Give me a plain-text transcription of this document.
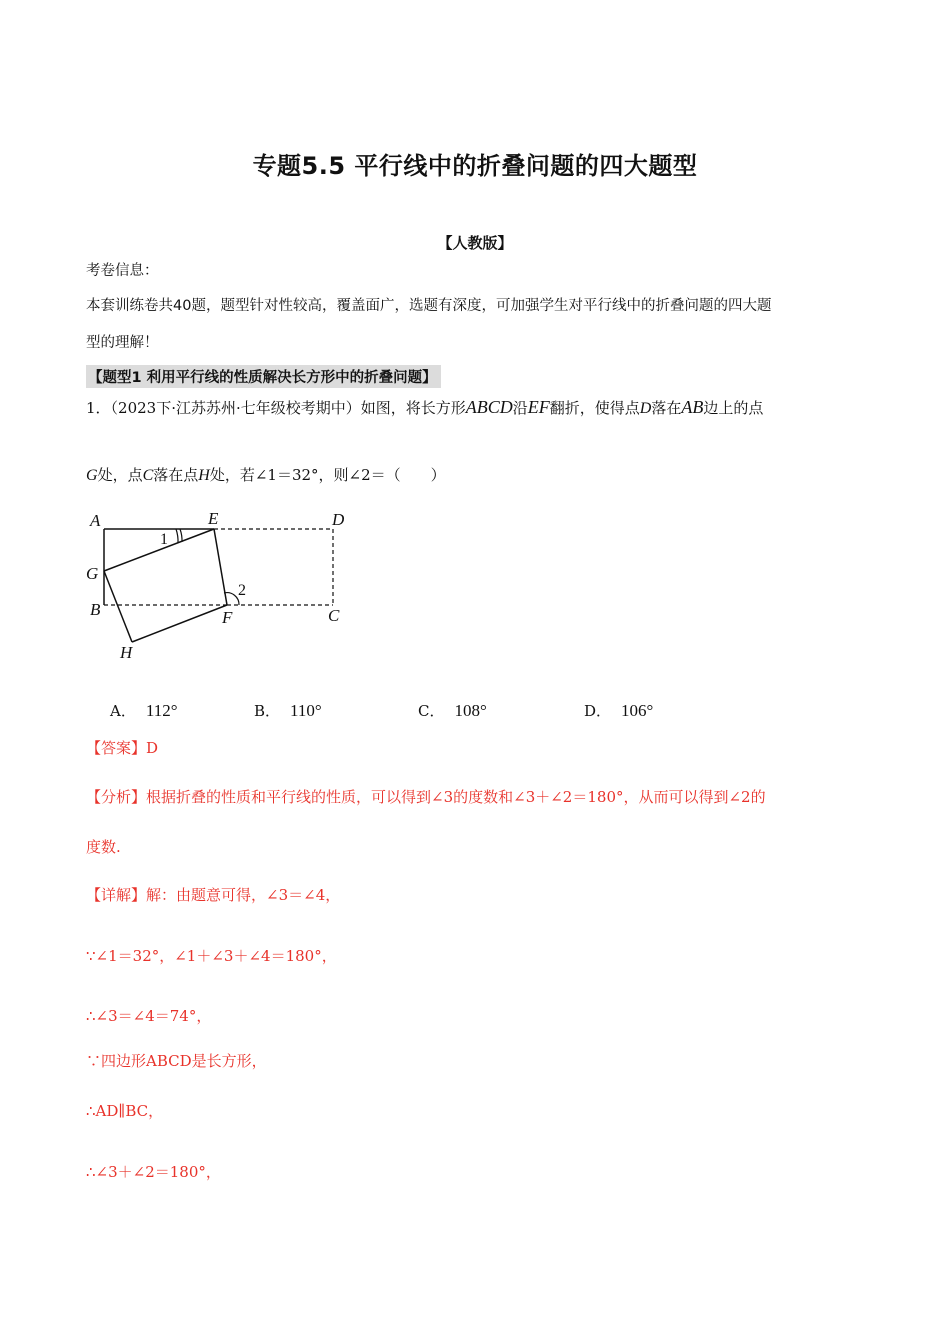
专题5.5 平行线中的折叠问题的四大题型
【人教版】
考卷信息：
本套训练卷共40题，题型针对性较高，覆盖面广，选题有深度，可加强学生对平行线中的折叠问题的四大题
型的理解！
【题型1 利用平行线的性质解决长方形中的折叠问题】
1．（2023下·江苏苏州·七年级校考期中）如图，将长方形ABCD沿EF翻折，使得点D落在AB边上的点
G处，点C落在点H处，若∠1＝32°，则∠2＝（　　）
A	E	D
G
B	F	C
H
1
2
A． 112°	B． 110°	C． 108°	D． 106°
【答案】D
【分析】根据折叠的性质和平行线的性质，可以得到∠3的度数和∠3＋∠2＝180°，从而可以得到∠2的
度数.
【详解】解：由题意可得，∠3＝∠4，
∵∠1＝32°，∠1＋∠3＋∠4＝180°，
∴∠3＝∠4＝74°，
∵四边形ABCD是长方形，
∴AD∥BC，
∴∠3＋∠2＝180°，
